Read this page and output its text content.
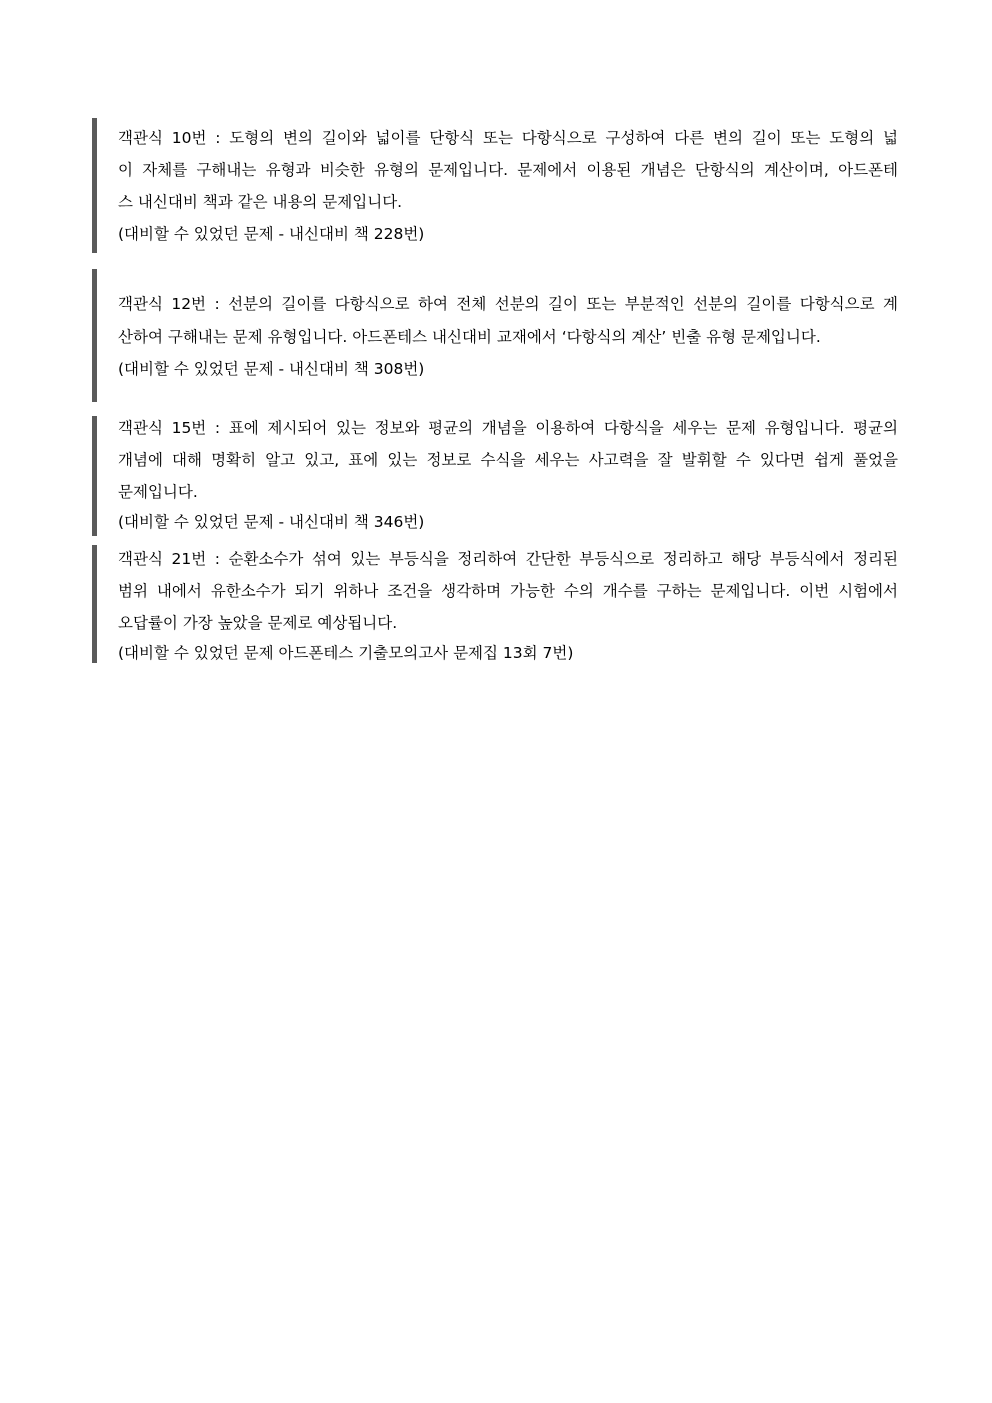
객관식 10번 : 도형의 변의 길이와 넓이를 단항식 또는 다항식으로 구성하여 다른 변의 길이 또는 도형의 넓
이 자체를 구해내는 유형과 비슷한 유형의 문제입니다. 문제에서 이용된 개념은 단항식의 계산이며, 아드폰테
스 내신대비 책과 같은 내용의 문제입니다.
(대비할 수 있었던 문제 - 내신대비 책 228번)
객관식 12번 : 선분의 길이를 다항식으로 하여 전체 선분의 길이 또는 부분적인 선분의 길이를 다항식으로 계
산하여 구해내는 문제 유형입니다. 아드폰테스 내신대비 교재에서 ‘다항식의 계산’ 빈출 유형 문제입니다.
(대비할 수 있었던 문제 - 내신대비 책 308번)
객관식 15번 : 표에 제시되어 있는 정보와 평균의 개념을 이용하여 다항식을 세우는 문제 유형입니다. 평균의
개념에 대해 명확히 알고 있고, 표에 있는 정보로 수식을 세우는 사고력을 잘 발휘할 수 있다면 쉽게 풀었을
문제입니다.
(대비할 수 있었던 문제 - 내신대비 책 346번)
객관식 21번 : 순환소수가 섞여 있는 부등식을 정리하여 간단한 부등식으로 정리하고 해당 부등식에서 정리된
범위 내에서 유한소수가 되기 위하나 조건을 생각하며 가능한 수의 개수를 구하는 문제입니다. 이번 시험에서
오답률이 가장 높았을 문제로 예상됩니다.
(대비할 수 있었던 문제 아드폰테스 기출모의고사 문제집 13회 7번)
